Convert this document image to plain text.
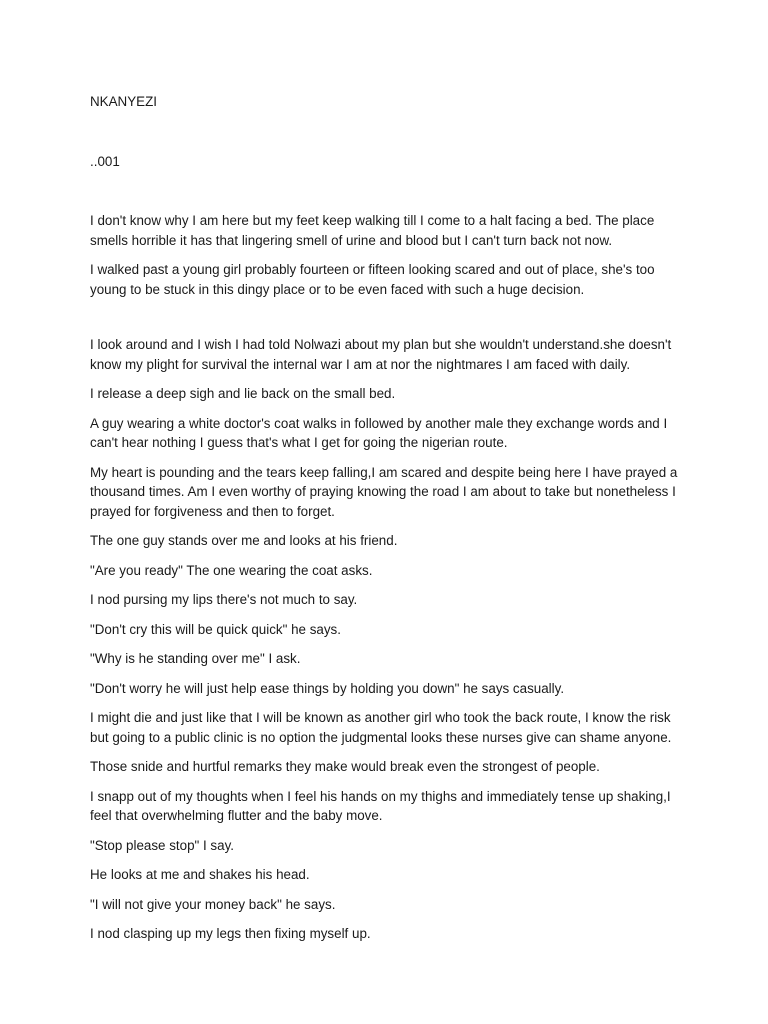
NKANYEZI
..001

I don't know why I am here but my feet keep walking till I come to a halt facing a bed. The place smells horrible it has that lingering smell of urine and blood but I can't turn back not now.

I walked past a young girl probably fourteen or fifteen looking scared and out of place, she's too young to be stuck in this dingy place or to be even faced with such a huge decision.

I look around and I wish I had told Nolwazi about my plan but she wouldn't understand.she doesn't know my plight for survival the internal war I am at nor the nightmares I am faced with daily.

I release a deep sigh and lie back on the small bed.

A guy wearing a white doctor's coat walks in followed by another male they exchange words and I can't hear nothing I guess that's what I get for going the nigerian route.

My heart is pounding and the tears keep falling,I am scared and despite being here I have prayed a thousand times. Am I even worthy of praying knowing the road I am about to take but nonetheless I prayed for forgiveness and then to forget.

The one guy stands over me and looks at his friend.

"Are you ready" The one wearing the coat asks.

I nod pursing my lips there's not much to say.

"Don't cry this will be quick quick" he says.

"Why is he standing over me" I ask.

"Don't worry he will just help ease things by holding you down" he says casually.

I might die and just like that I will be known as another girl who took the back route, I know the risk but going to a public clinic is no option the judgmental looks these nurses give can shame anyone.

Those snide and hurtful remarks they make would break even the strongest of people.

I snapp out of my thoughts when I feel his hands on my thighs and immediately tense up shaking,I feel that overwhelming flutter and the baby move.

"Stop please stop" I say.

He looks at me and shakes his head.

"I will not give your money back" he says.

I nod clasping up my legs then fixing myself up.
